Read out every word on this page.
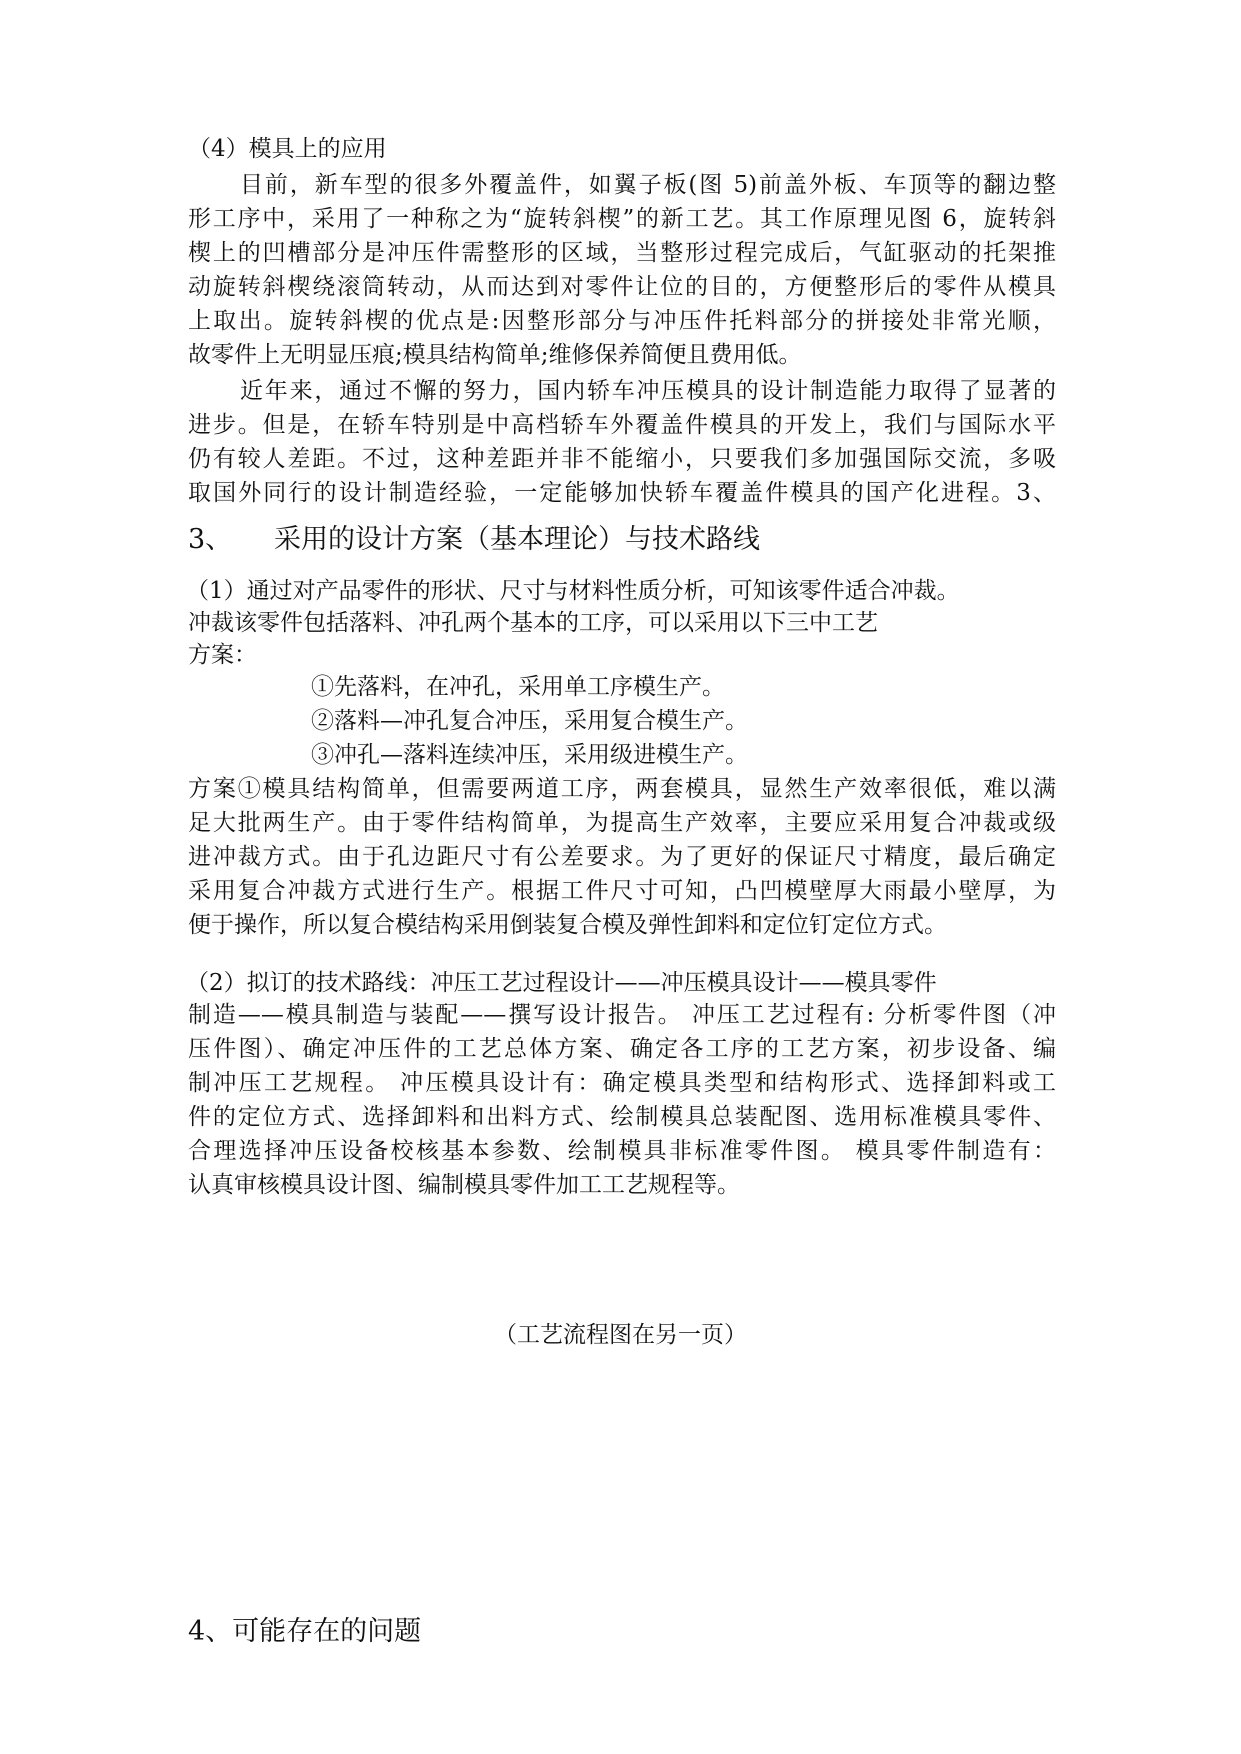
（4）模具上的应用

目前，新车型的很多外覆盖件，如翼子板(图 5)前盖外板、车顶等的翻边整

形工序中，采用了一种称之为“旋转斜楔”的新工艺。其工作原理见图 6，旋转斜

楔上的凹槽部分是冲压件需整形的区域，当整形过程完成后，气缸驱动的托架推

动旋转斜楔绕滚筒转动，从而达到对零件让位的目的，方便整形后的零件从模具

上取出。旋转斜楔的优点是:因整形部分与冲压件托料部分的拼接处非常光顺，

故零件上无明显压痕;模具结构简单;维修保养简便且费用低。

近年来，通过不懈的努力，国内轿车冲压模具的设计制造能力取得了显著的

进步。但是，在轿车特别是中高档轿车外覆盖件模具的开发上，我们与国际水平

仍有较人差距。不过，这种差距并非不能缩小，只要我们多加强国际交流，多吸

取国外同行的设计制造经验，一定能够加快轿车覆盖件模具的国产化进程。3、

3、 采用的设计方案（基本理论）与技术路线

（1）通过对产品零件的形状、尺寸与材料性质分析，可知该零件适合冲裁。

冲裁该零件包括落料、冲孔两个基本的工序，可以采用以下三中工艺

方案：

①先落料，在冲孔，采用单工序模生产。

②落料—冲孔复合冲压，采用复合模生产。

③冲孔—落料连续冲压，采用级进模生产。

方案①模具结构简单，但需要两道工序，两套模具，显然生产效率很低，难以满

足大批两生产。由于零件结构简单，为提高生产效率，主要应采用复合冲裁或级

进冲裁方式。由于孔边距尺寸有公差要求。为了更好的保证尺寸精度，最后确定

采用复合冲裁方式进行生产。根据工件尺寸可知，凸凹模壁厚大雨最小壁厚，为

便于操作，所以复合模结构采用倒装复合模及弹性卸料和定位钉定位方式。

（2）拟订的技术路线：冲压工艺过程设计——冲压模具设计——模具零件

制造——模具制造与装配——撰写设计报告。 冲压工艺过程有: 分析零件图（冲

压件图）、确定冲压件的工艺总体方案、确定各工序的工艺方案，初步设备、编

制冲压工艺规程。 冲压模具设计有：确定模具类型和结构形式、选择卸料或工

件的定位方式、选择卸料和出料方式、绘制模具总装配图、选用标准模具零件、

合理选择冲压设备校核基本参数、绘制模具非标准零件图。 模具零件制造有：

认真审核模具设计图、编制模具零件加工工艺规程等。

（工艺流程图在另一页）

4、可能存在的问题
